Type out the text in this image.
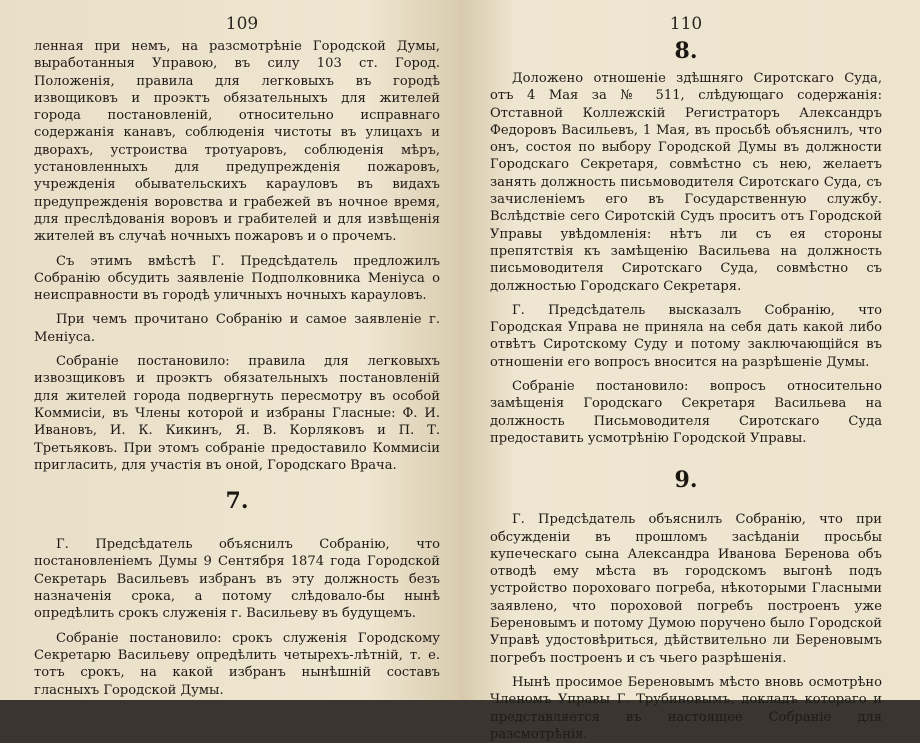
109

ленная при немъ, на разсмотрѣніе Городской Думы, выработанныя Управою, въ силу 103 ст. Город. Положенія, правила для легковыхъ въ городѣ извощиковъ и проэктъ обязательныхъ для жителей города постановленій, относительно исправнаго содержанія канавъ, соблюденія чистоты въ улицахъ и дворахъ, устроиства тротуаровъ, соблюденія мѣръ, установленныхъ для предупрежденія пожаровъ, учрежденія обывательскихъ карауловъ въ видахъ предупрежденія воровства и грабежей въ ночное время, для преслѣдованія воровъ и грабителей и для извѣщенія жителей въ случаѣ ночныхъ пожаровъ и о прочемъ.

Съ этимъ вмѣстѣ Г. Предсѣдатель предложилъ Собранію обсудить заявленіе Подполковника Менiуса о неисправности въ городѣ уличныхъ ночныхъ карауловъ.

При чемъ прочитано Собранію и самое заявленіе г. Менiуса.

Собраніе постановило: правила для легковыхъ извозщиковъ и проэктъ обязательныхъ постановленій для жителей города подвергнуть пересмотру въ особой Коммисіи, въ Члены которой и избраны Гласные: Ф. И. Ивановъ, И. К. Кикинъ, Я. В. Корляковъ и П. Т. Третьяковъ. При этомъ собраніе предоставило Коммисіи пригласить, для участія въ оной, Городскаго Врача.

7.

Г. Предсѣдатель объяснилъ Собранію, что постановленіемъ Думы 9 Сентября 1874 года Городской Секретарь Васильевъ избранъ въ эту должность безъ назначенія срока, а потому слѣдовало-бы нынѣ опредѣлить срокъ служенія г. Васильеву въ будущемъ.

Собраніе постановило: срокъ служенія Городскому Секретарю Васильеву опредѣлить четырехъ-лѣтній, т. е. тотъ срокъ, на какой избранъ нынѣшній составъ гласныхъ Городской Думы.

110
8.

Доложено отношеніе здѣшняго Сиротскаго Суда, отъ 4 Мая за № 511, слѣдующаго содержанія: Отставной Коллежскій Регистраторъ Александръ Федоровъ Васильевъ, 1 Мая, въ просьбѣ объяснилъ, что онъ, состоя по выбору Городской Думы въ должности Городскаго Секретаря, совмѣстно съ нею, желаетъ занять должность письмоводителя Сиротскаго Суда, съ зачисленіемъ его въ Государственную службу. Вслѣдствіе сего Сиротскій Судъ проситъ отъ Городской Управы увѣдомленія: нѣтъ ли съ ея стороны препятствія къ замѣщенію Васильева на должность письмоводителя Сиротскаго Суда, совмѣстно съ должностью Городскаго Секретаря.

Г. Предсѣдатель высказалъ Собранію, что Городская Управа не приняла на себя дать какой либо отвѣтъ Сиротскому Суду и потому заключающійся въ отношеніи его вопросъ вносится на разрѣшеніе Думы.

Собраніе постановило: вопросъ относительно замѣщенія Городскаго Секретаря Васильева на должность Письмоводителя Сиротскаго Суда предоставить усмотрѣнію Городской Управы.

9.

Г. Предсѣдатель объяснилъ Собранію, что при обсужденіи въ прошломъ засѣданіи просьбы купеческаго сына Александра Иванова Беренова объ отводѣ ему мѣста въ городскомъ выгонѣ подъ устройство пороховаго погреба, нѣкоторыми Гласными заявлено, что пороховой погребъ построенъ уже Береновымъ и потому Думою поручено было Городской Управѣ удостовѣриться, дѣйствительно ли Береновымъ погребъ построенъ и съ чьего разрѣшенія.

Нынѣ просимое Береновымъ мѣсто вновь осмотрѣно Членомъ Управы Г. Трубиновымъ, докладъ котораго и представляется въ настоящее Собраніе для разсмотрѣнія.
